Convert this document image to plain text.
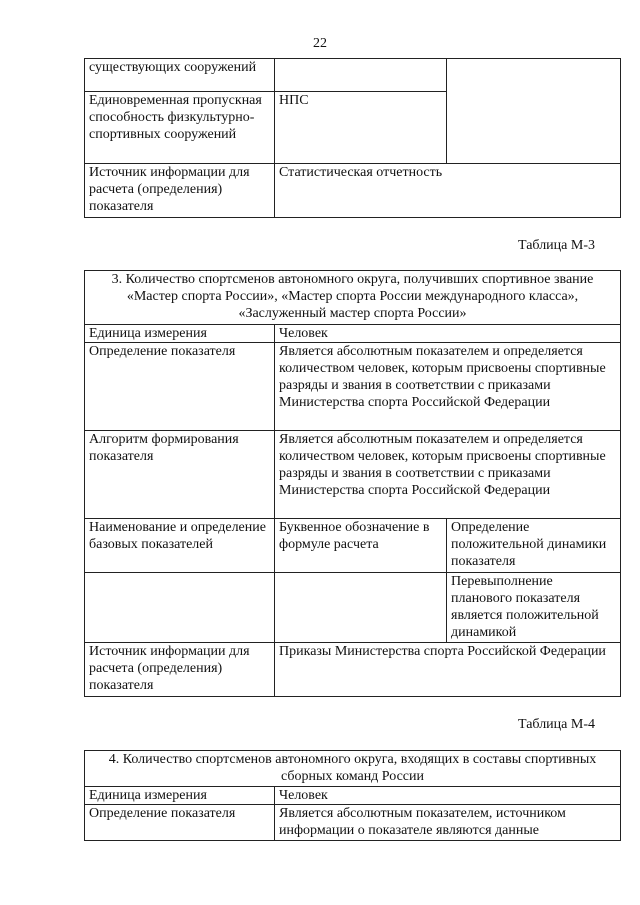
22
существующих сооружений		
Единовременная пропускная способность физкультурно-спортивных сооружений	НПС	
Источник информации для расчета (определения) показателя	Статистическая отчетность	
Таблица М-3
3. Количество спортсменов автономного округа, получивших спортивное звание «Мастер спорта России», «Мастер спорта России международного класса», «Заслуженный мастер спорта России»		
Единица измерения	Человек	
Определение показателя	Является абсолютным показателем и определяется количеством человек, которым присвоены спортивные разряды и звания в соответствии с приказами Министерства спорта Российской Федерации	
Алгоритм формирования показателя	Является абсолютным показателем и определяется количеством человек, которым присвоены спортивные разряды и звания в соответствии с приказами Министерства спорта Российской Федерации	
Наименование и определение базовых показателей	Буквенное обозначение в формуле расчета	Определение положительной динамики показателя
		Перевыполнение планового показателя является положительной динамикой
Источник информации для расчета (определения) показателя	Приказы Министерства спорта Российской Федерации	
Таблица М-4
4. Количество спортсменов автономного округа, входящих в составы спортивных сборных команд России	
Единица измерения	Человек
Определение показателя	Является абсолютным показателем, источником информации о показателе являются данные
